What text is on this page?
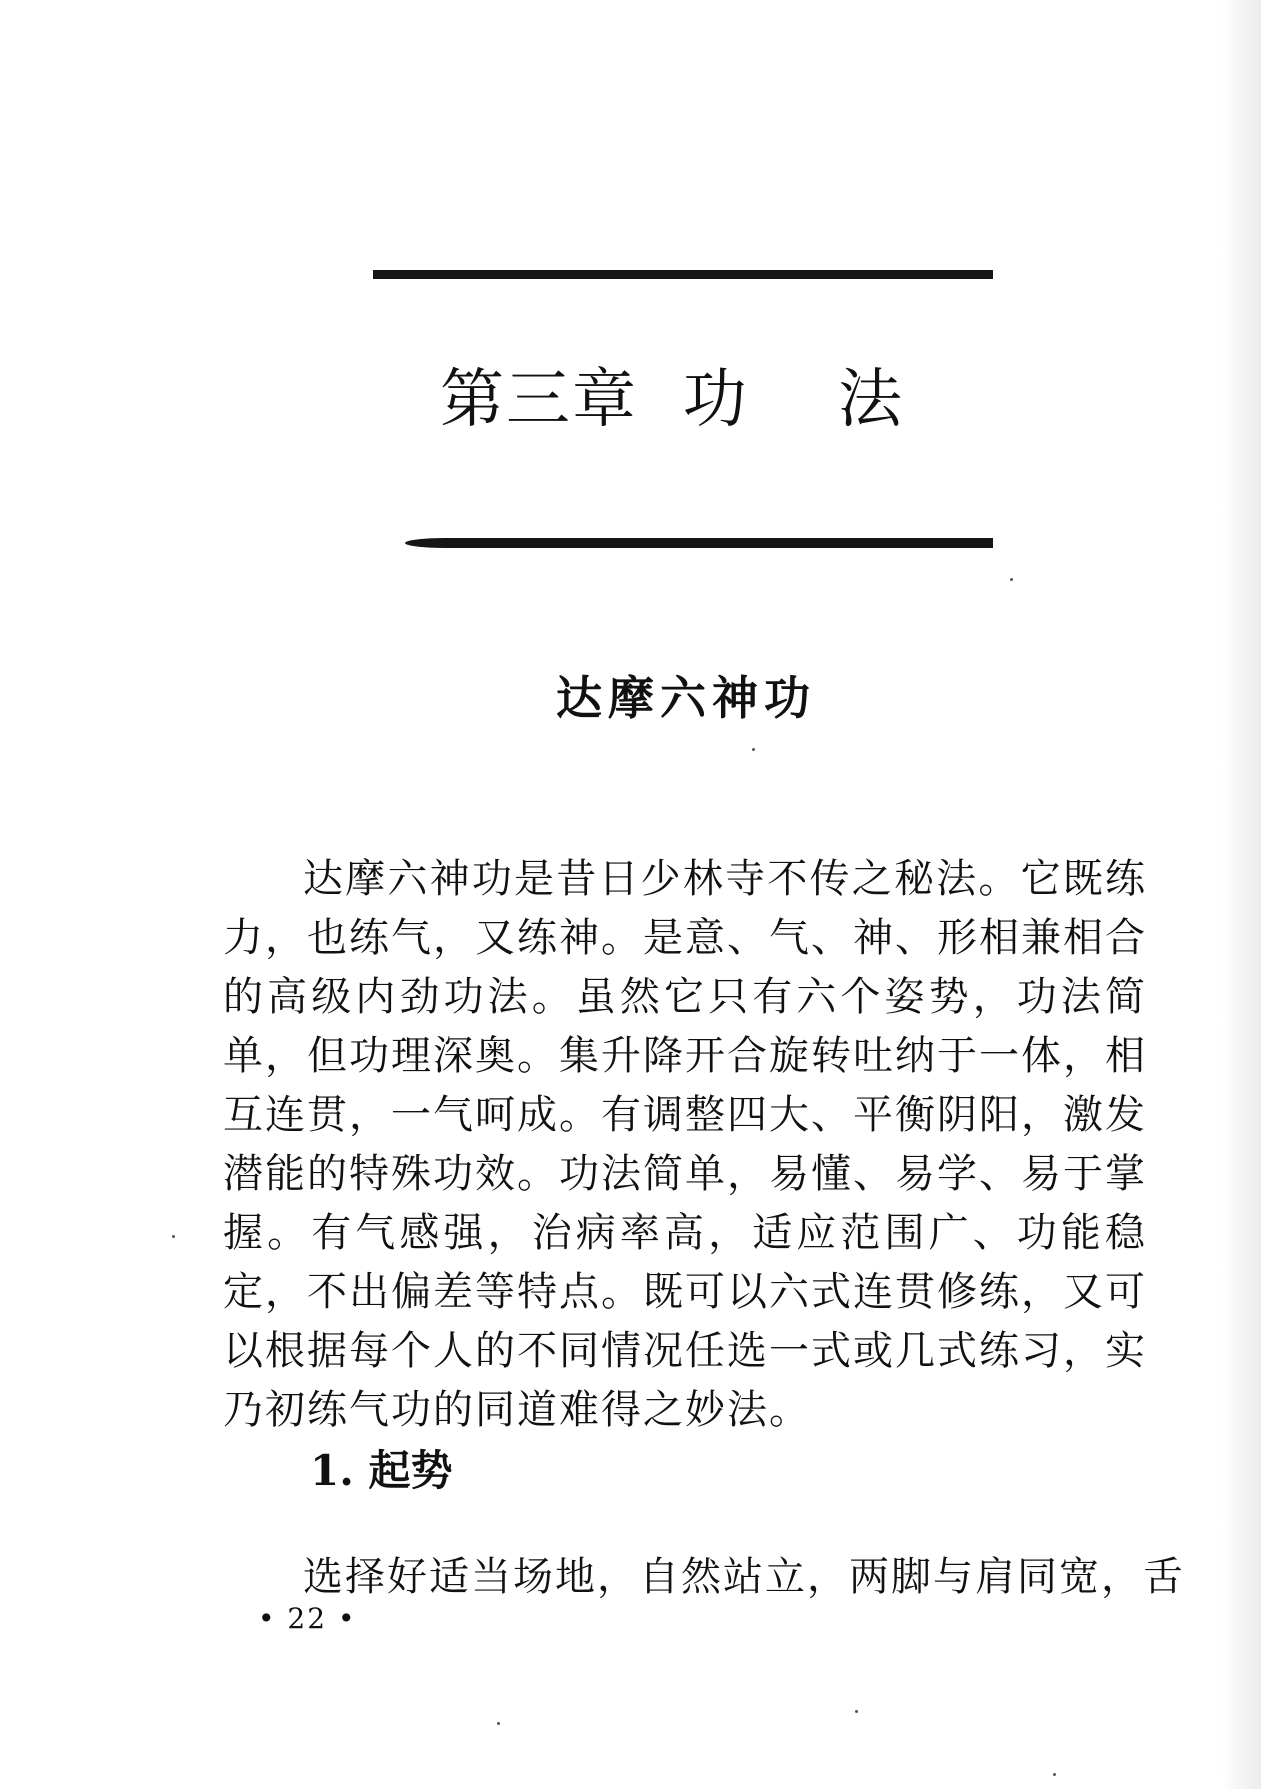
第三章  功    法
达摩六神功

达摩六神功是昔日少林寺不传之秘法。它既练力，也练气，又练神。是意、气、神、形相兼相合的高级内劲功法。虽然它只有六个姿势，功法简单，但功理深奥。集升降开合旋转吐纳于一体，相互连贯，一气呵成。有调整四大、平衡阴阳，激发潜能的特殊功效。功法简单，易懂、易学、易于掌握。有气感强，治病率高，适应范围广、功能稳定，不出偏差等特点。既可以六式连贯修练，又可以根据每个人的不同情况任选一式或几式练习，实乃初练气功的同道难得之妙法。

1. 起势

选择好适当场地，自然站立，两脚与肩同宽，舌

• 22 •
